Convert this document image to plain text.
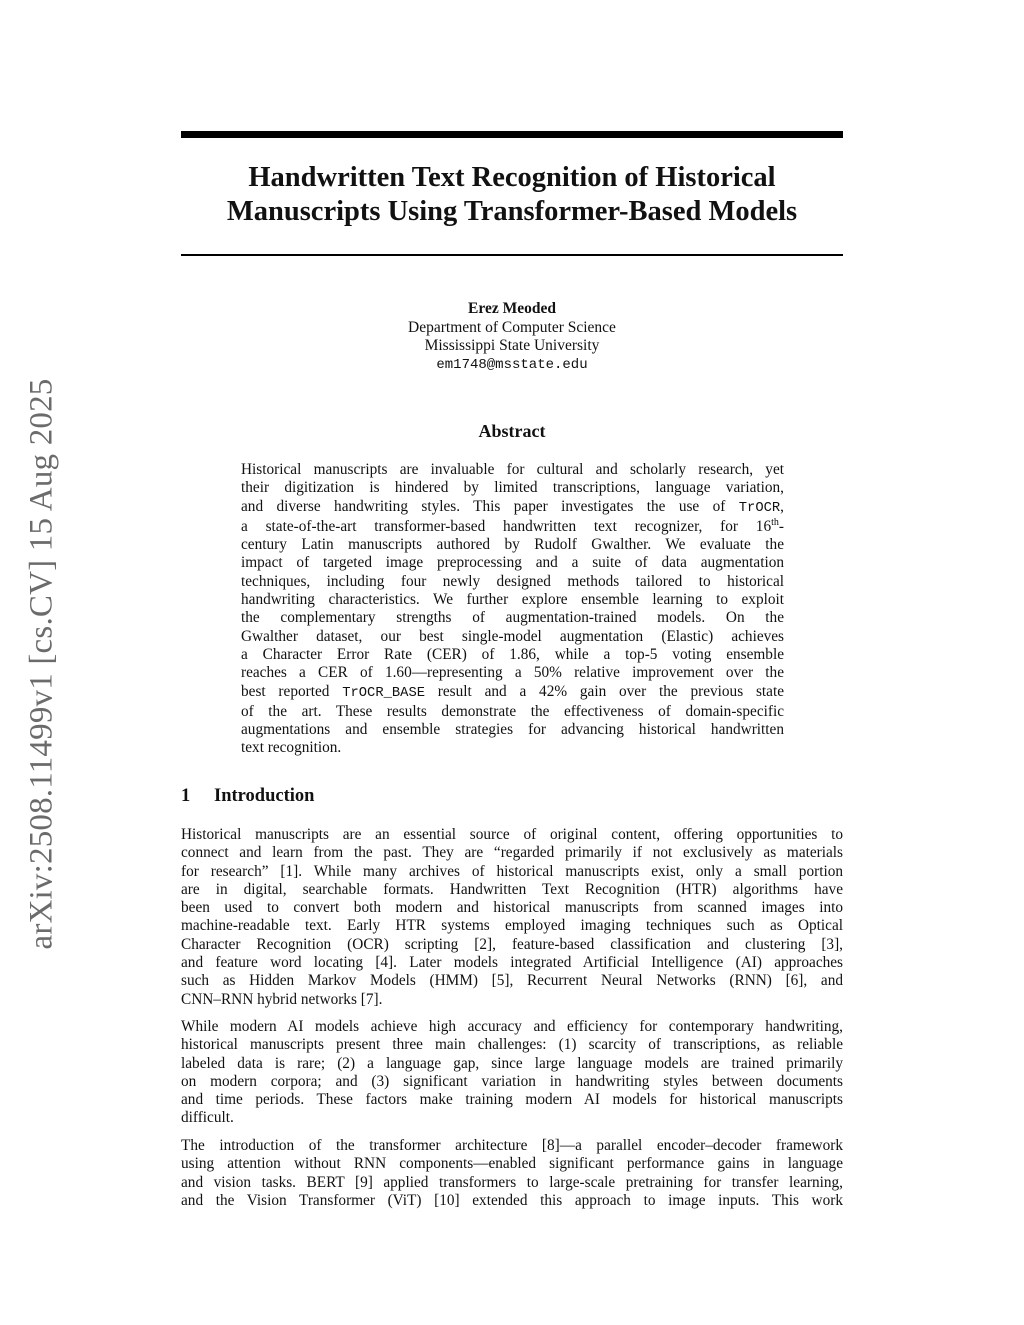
arXiv:2508.11499v1 [cs.CV] 15 Aug 2025
Handwritten Text Recognition of Historical
Manuscripts Using Transformer-Based Models
Erez Meoded
Department of Computer Science
Mississippi State University
em1748@msstate.edu
Abstract
Historical manuscripts are invaluable for cultural and scholarly research, yet
their digitization is hindered by limited transcriptions, language variation,
and diverse handwriting styles. This paper investigates the use of TrOCR,
a state-of-the-art transformer-based handwritten text recognizer, for 16th-
century Latin manuscripts authored by Rudolf Gwalther. We evaluate the
impact of targeted image preprocessing and a suite of data augmentation
techniques, including four newly designed methods tailored to historical
handwriting characteristics. We further explore ensemble learning to exploit
the complementary strengths of augmentation-trained models. On the
Gwalther dataset, our best single-model augmentation (Elastic) achieves
a Character Error Rate (CER) of 1.86, while a top-5 voting ensemble
reaches a CER of 1.60—representing a 50% relative improvement over the
best reported TrOCR_BASE result and a 42% gain over the previous state
of the art. These results demonstrate the effectiveness of domain-specific
augmentations and ensemble strategies for advancing historical handwritten
text recognition.
1 Introduction
Historical manuscripts are an essential source of original content, offering opportunities to
connect and learn from the past. They are “regarded primarily if not exclusively as materials
for research” [1]. While many archives of historical manuscripts exist, only a small portion
are in digital, searchable formats. Handwritten Text Recognition (HTR) algorithms have
been used to convert both modern and historical manuscripts from scanned images into
machine-readable text. Early HTR systems employed imaging techniques such as Optical
Character Recognition (OCR) scripting [2], feature-based classification and clustering [3],
and feature word locating [4]. Later models integrated Artificial Intelligence (AI) approaches
such as Hidden Markov Models (HMM) [5], Recurrent Neural Networks (RNN) [6], and
CNN–RNN hybrid networks [7].
While modern AI models achieve high accuracy and efficiency for contemporary handwriting,
historical manuscripts present three main challenges: (1) scarcity of transcriptions, as reliable
labeled data is rare; (2) a language gap, since large language models are trained primarily
on modern corpora; and (3) significant variation in handwriting styles between documents
and time periods. These factors make training modern AI models for historical manuscripts
difficult.
The introduction of the transformer architecture [8]—a parallel encoder–decoder framework
using attention without RNN components—enabled significant performance gains in language
and vision tasks. BERT [9] applied transformers to large-scale pretraining for transfer learning,
and the Vision Transformer (ViT) [10] extended this approach to image inputs. This work
